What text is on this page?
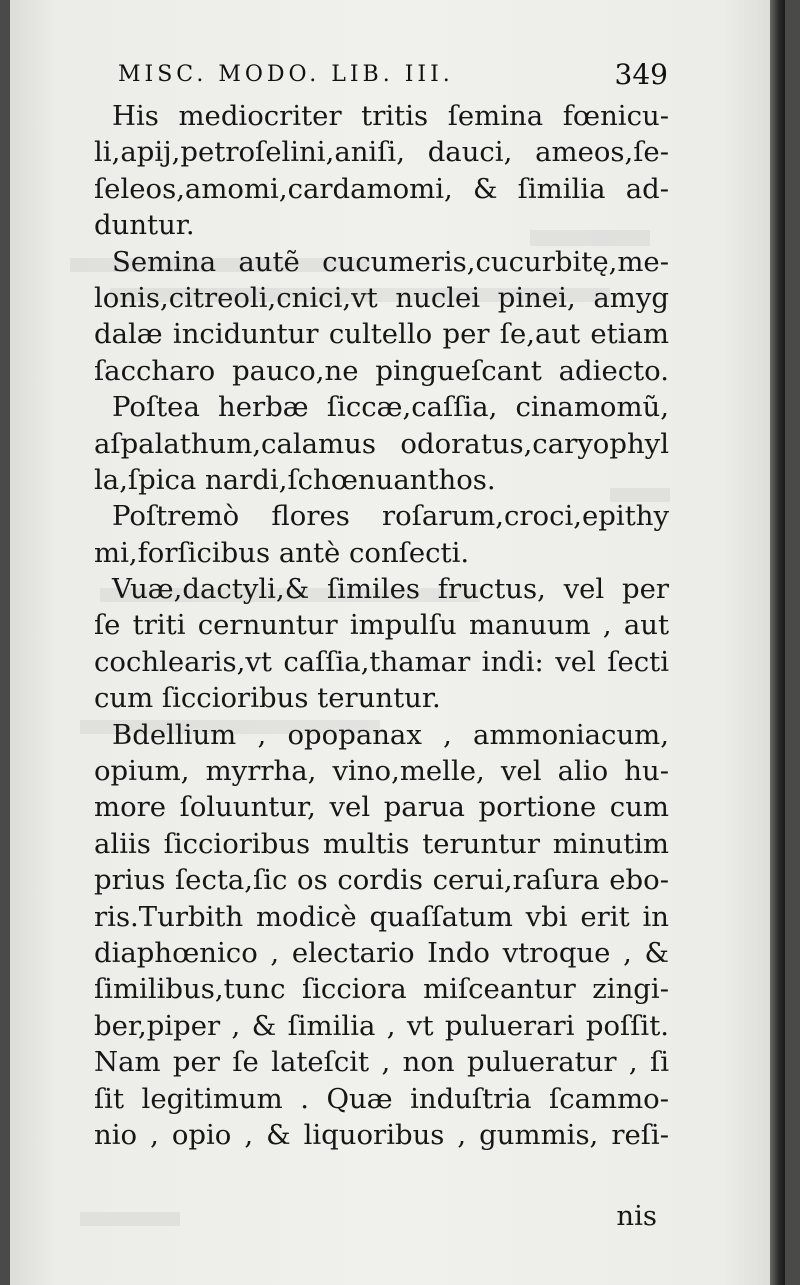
MISC. MODO. LIB. III.	349
His mediocriter tritis ſemina fœnicu-
li,apij,petroſelini,aniſi, dauci, ameos,ſe-
ſeleos,amomi,cardamomi, & ſimilia ad-
duntur.
Semina autẽ cucumeris,cucurbitę,me-
lonis,citreoli,cnici,vt nuclei pinei, amyg
dalæ inciduntur cultello per ſe,aut etiam
ſaccharo pauco,ne pingueſcant adiecto.
Poſtea herbæ ſiccæ,caſſia, cinamomũ,
aſpalathum,calamus odoratus,caryophyl
la,ſpica nardi,ſchœnuanthos.
Poſtremò flores roſarum,croci,epithy
mi,forſicibus antè conſecti.
Vuæ,dactyli,& ſimiles fructus, vel per
ſe triti cernuntur impulſu manuum , aut
cochlearis,vt caſſia,thamar indi: vel ſecti
cum ſiccioribus teruntur.
Bdellium , opopanax , ammoniacum,
opium, myrrha, vino,melle, vel alio hu-
more ſoluuntur, vel parua portione cum
aliis ſiccioribus multis teruntur minutim
prius ſecta,ſic os cordis cerui,raſura ebo-
ris.Turbith modicè quaſſatum vbi erit in
diaphœnico , electario Indo vtroque , &
ſimilibus,tunc ſicciora miſceantur zingi-
ber,piper , & ſimilia , vt puluerari poſſit.
Nam per ſe lateſcit , non pulueratur , ſi
ſit legitimum . Quæ induſtria ſcammo-
nio , opio , & liquoribus , gummis, reſi-
nis
